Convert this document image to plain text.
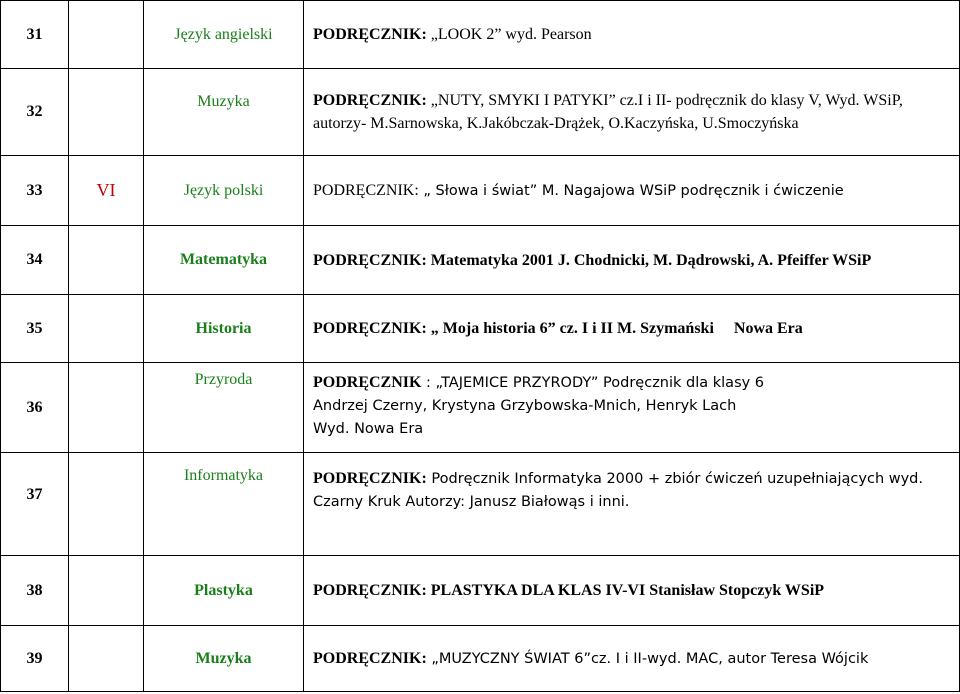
31		Język angielski	PODRĘCZNIK: „LOOK 2” wyd. Pearson
32		Muzyka	PODRĘCZNIK: „NUTY, SMYKI I PATYKI” cz.I i II- podręcznik do klasy V, Wyd. WSiP, autorzy- M.Sarnowska, K.Jakóbczak-Drążek, O.Kaczyńska, U.Smoczyńska
33	VI	Język polski	PODRĘCZNIK: „ Słowa i świat” M. Nagajowa WSiP podręcznik i ćwiczenie
34		Matematyka	PODRĘCZNIK: Matematyka 2001 J. Chodnicki, M. Dądrowski, A. Pfeiffer WSiP
35		Historia	PODRĘCZNIK: „ Moja historia 6” cz. I i II M. Szymański Nowa Era
36		Przyroda	PODRĘCZNIK : „TAJEMICE PRZYRODY” Podręcznik dla klasy 6
Andrzej Czerny, Krystyna Grzybowska-Mnich, Henryk Lach
Wyd. Nowa Era

37		Informatyka	PODRĘCZNIK: Podręcznik Informatyka 2000 + zbiór ćwiczeń uzupełniających wyd.
Czarny Kruk Autorzy: Janusz Białowąs i inni.

38		Plastyka	PODRĘCZNIK: PLASTYKA DLA KLAS IV-VI Stanisław Stopczyk WSiP
39		Muzyka	PODRĘCZNIK: „MUZYCZNY ŚWIAT 6”cz. I i II-wyd. MAC, autor Teresa Wójcik
